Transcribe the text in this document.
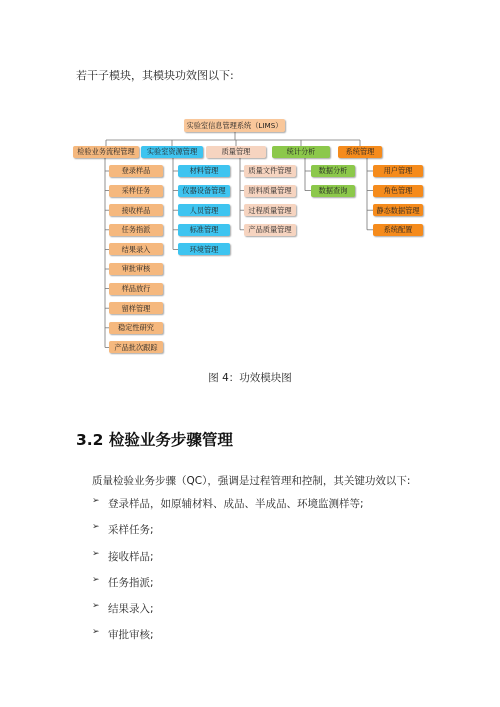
若干子模块，其模块功效图以下:

实验室信息管理系统（LIMS）
检验业务流程管理
登录样品
采样任务
接收样品
任务指派
结果录入
审批审核
样品放行
留样管理
稳定性研究
产品批次跟踪
实验室资源管理
材料管理
仪器设备管理
人员管理
标准管理
环境管理
质量管理
质量文件管理
原料质量管理
过程质量管理
产品质量管理
统计分析
数据分析
数据查询
系统管理
用户管理
角色管理
静态数据管理
系统配置

图 4：功效模块图

3.2 检验业务步骤管理

质量检验业务步骤（QC），强调是过程管理和控制，其关键功效以下:

➢ 登录样品，如原辅材料、成品、半成品、环境监测样等;
➢ 采样任务;
➢ 接收样品;
➢ 任务指派;
➢ 结果录入;
➢ 审批审核;
